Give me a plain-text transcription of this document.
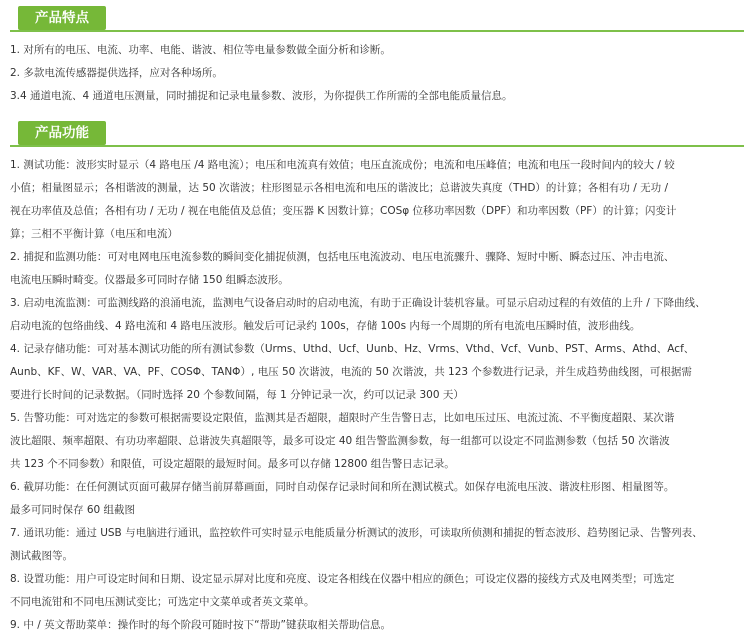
产品特点

1. 对所有的电压、电流、功率、电能、谐波、相位等电量参数做全面分析和诊断。

2. 多款电流传感器提供选择，应对各种场所。

3.4 通道电流、4 通道电压测量，同时捕捉和记录电量参数、波形，为你提供工作所需的全部电能质量信息。

产品功能

1. 测试功能：波形实时显示（4 路电压 /4 路电流）；电压和电流真有效值；电压直流成份；电流和电压峰值；电流和电压一段时间内的较大 / 较

小值；相量图显示；各相谐波的测量，达 50 次谐波；柱形图显示各相电流和电压的谐波比；总谐波失真度（THD）的计算；各相有功 / 无功 /

视在功率值及总值；各相有功 / 无功 / 视在电能值及总值；变压器 K 因数计算；COSφ 位移功率因数（DPF）和功率因数（PF）的计算；闪变计

算；三相不平衡计算（电压和电流）

2. 捕捉和监测功能：可对电网电压电流参数的瞬间变化捕捉侦测，包括电压电流波动、电压电流骤升、骤降、短时中断、瞬态过压、冲击电流、

电流电压瞬时畸变。仪器最多可同时存储 150 组瞬态波形。

3. 启动电流监测：可监测线路的浪涌电流，监测电气设备启动时的启动电流，有助于正确设计装机容量。可显示启动过程的有效值的上升 / 下降曲线、

启动电流的包络曲线、4 路电流和 4 路电压波形。触发后可记录约 100s，存储 100s 内每一个周期的所有电流电压瞬时值，波形曲线。

4. 记录存储功能：可对基本测试功能的所有测试参数（Urms、Uthd、Ucf、Uunb、Hz、Vrms、Vthd、Vcf、Vunb、PST、Arms、Athd、Acf、

Aunb、KF、W、VAR、VA、PF、COSΦ、TANΦ）, 电压 50 次谐波，电流的 50 次谐波，共 123 个参数进行记录，并生成趋势曲线图，可根据需

要进行长时间的记录数据。（同时选择 20 个参数间隔，每 1 分钟记录一次，约可以记录 300 天）

5. 告警功能：可对选定的参数可根据需要设定限值，监测其是否超限，超限时产生告警日志，比如电压过压、电流过流、不平衡度超限、某次谐

波比超限、频率超限、有功功率超限、总谐波失真超限等，最多可设定 40 组告警监测参数，每一组都可以设定不同监测参数（包括 50 次谐波

共 123 个不同参数）和限值，可设定超限的最短时间。最多可以存储 12800 组告警日志记录。

6. 截屏功能：在任何测试页面可截屏存储当前屏幕画面，同时自动保存记录时间和所在测试模式。如保存电流电压波、谐波柱形图、相量图等。

最多可同时保存 60 组截图

7. 通讯功能：通过 USB 与电脑进行通讯，监控软件可实时显示电能质量分析测试的波形，可读取所侦测和捕捉的暂态波形、趋势图记录、告警列表、

测试截图等。

8. 设置功能：用户可设定时间和日期、设定显示屏对比度和亮度、设定各相线在仪器中相应的颜色；可设定仪器的接线方式及电网类型；可选定

不同电流钳和不同电压测试变比；可选定中文菜单或者英文菜单。

9. 中 / 英文帮助菜单：操作时的每个阶段可随时按下“帮助”键获取相关帮助信息。
